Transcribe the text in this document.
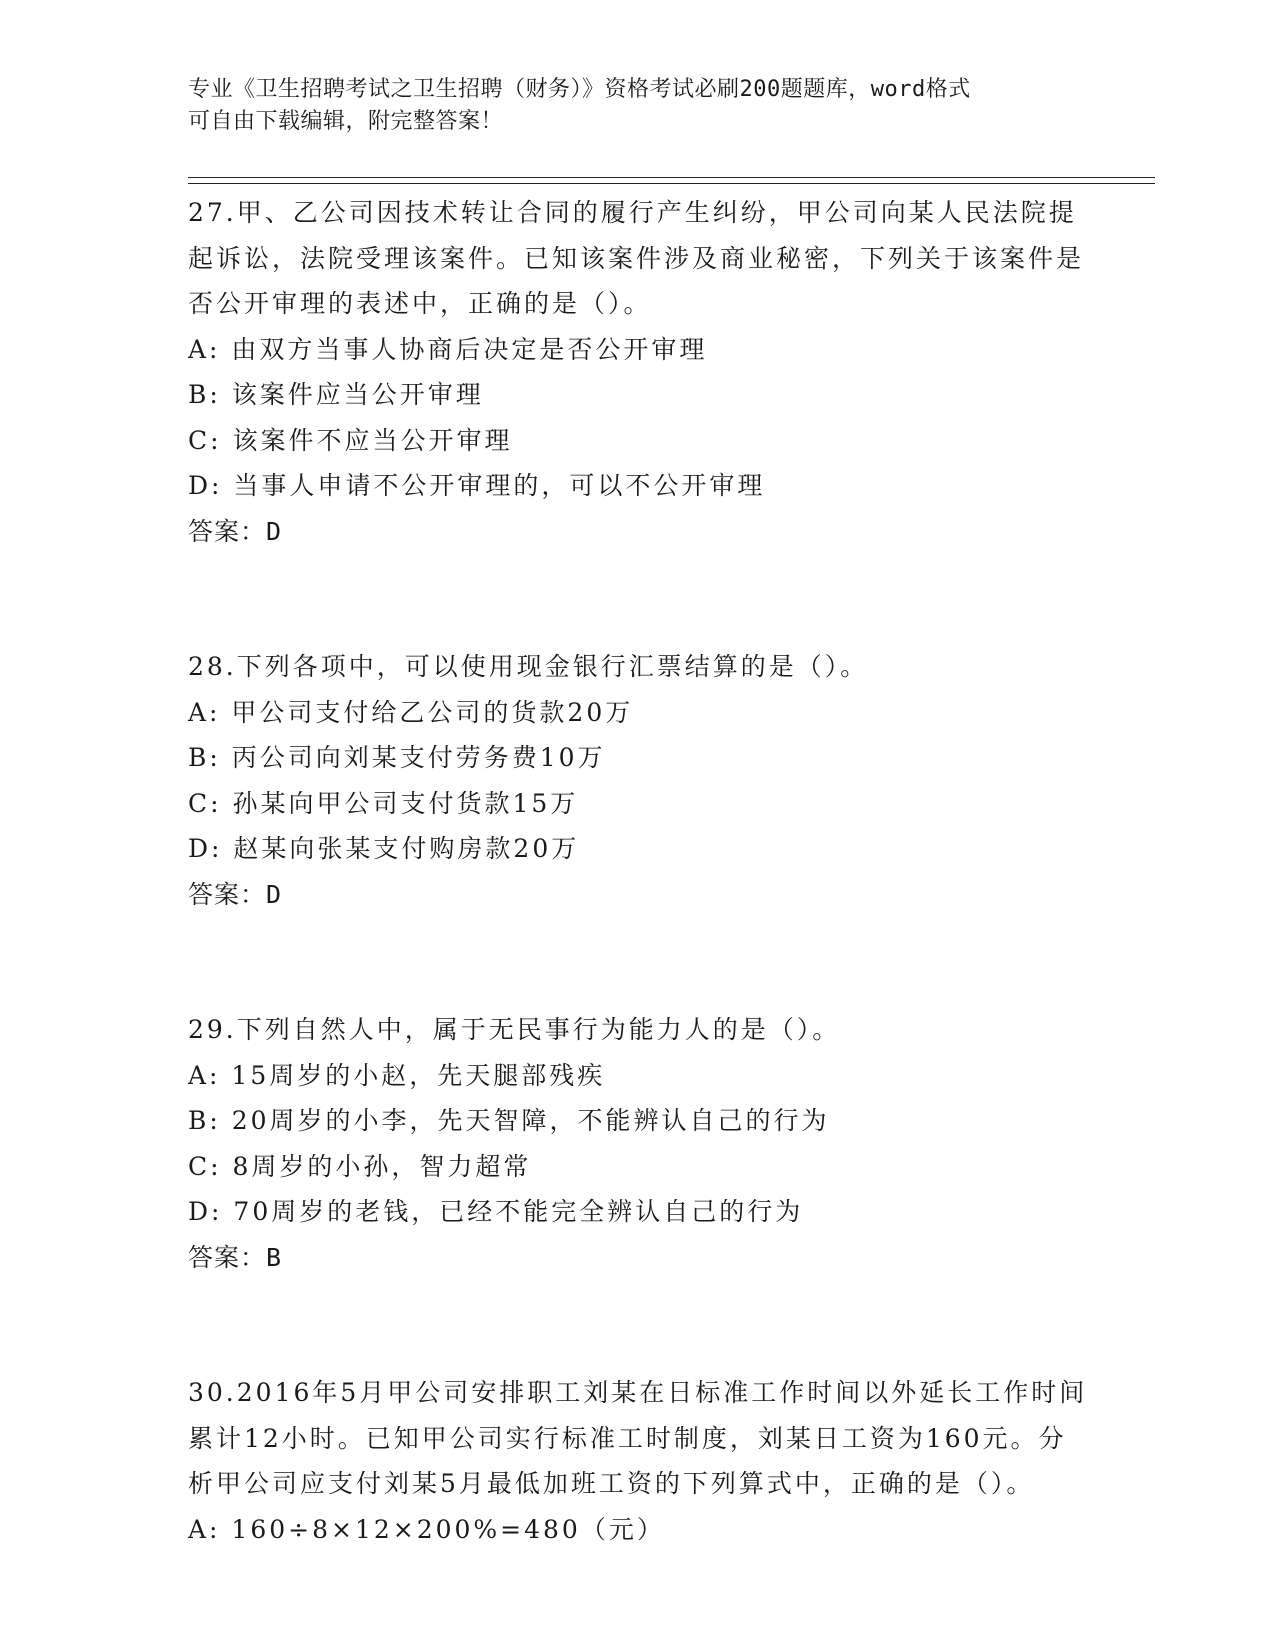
专业《卫生招聘考试之卫生招聘（财务）》资格考试必刷200题题库，word格式
可自由下载编辑，附完整答案！

27.甲、乙公司因技术转让合同的履行产生纠纷，甲公司向某人民法院提起诉讼，法院受理该案件。已知该案件涉及商业秘密，下列关于该案件是否公开审理的表述中，正确的是（）。

A: 由双方当事人协商后决定是否公开审理

B: 该案件应当公开审理

C: 该案件不应当公开审理

D: 当事人申请不公开审理的，可以不公开审理

答案：D

28.下列各项中，可以使用现金银行汇票结算的是（）。

A: 甲公司支付给乙公司的货款20万

B: 丙公司向刘某支付劳务费10万

C: 孙某向甲公司支付货款15万

D: 赵某向张某支付购房款20万

答案：D

29.下列自然人中，属于无民事行为能力人的是（）。

A: 15周岁的小赵，先天腿部残疾

B: 20周岁的小李，先天智障，不能辨认自己的行为

C: 8周岁的小孙，智力超常

D: 70周岁的老钱，已经不能完全辨认自己的行为

答案：B

30.2016年5月甲公司安排职工刘某在日标准工作时间以外延长工作时间累计12小时。已知甲公司实行标准工时制度，刘某日工资为160元。分析甲公司应支付刘某5月最低加班工资的下列算式中，正确的是（）。

A: 160÷8×12×200%=480（元）
